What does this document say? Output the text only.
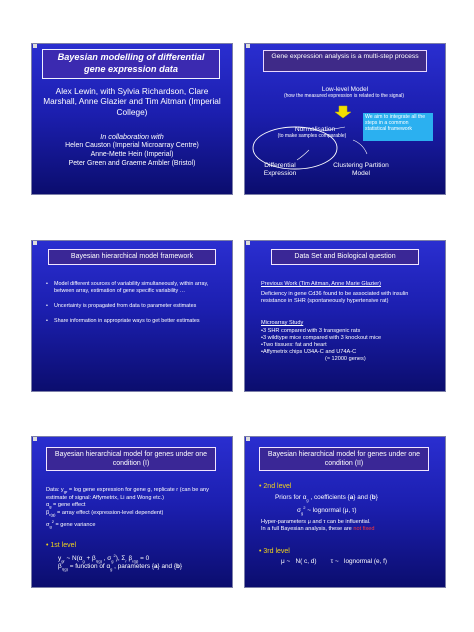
Bayesian modelling of differential gene expression data
Alex Lewin, with Sylvia Richardson, Clare Marshall, Anne Glazier and Tim Aitman (Imperial College)
In collaboration with
Helen Causton (Imperial Microarray Centre)
Anne-Mette Hein (Imperial)
Peter Green and Graeme Ambler (Bristol)
Gene expression analysis is a multi-step process
Low-level Model
(how the measured expression is related to the signal)
Normalisation
(to make samples comparable)
Differential Expression
Clustering Partition Model
We aim to integrate all the steps in a common statistical framework
Bayesian hierarchical model framework
• Model different sources of variability simultaneously, within array, between array, estimation of gene specific variability …
• Uncertainty is propagated from data to parameter estimates
• Share information in appropriate ways to get better estimates
Data Set and Biological question
Previous Work (Tim Aitman, Anne Marie Glazier)
Deficiency in gene Cd36 found to be associated with insulin resistance in SHR (spontaneously hypertensive rat)
Microarray Study
•3 SHR compared with 3 transgenic rats
•3 wildtype mice compared with 3 knockout mice
•Two tissues: fat and heart
•Affymetrix chips U34A-C and U74A-C
(≈ 12000 genes)
Bayesian hierarchical model for genes under one condition (I)
Data: $y_{gr} = \log$ gene expression for gene g, replicate r (can be any estimate of signal: Affymetrix, Li and Wong etc.)
$\alpha_g$ = gene effect
$\beta_{r(g)}$ = array effect (expression-level dependent)
$\sigma_g^2$ = gene variance
• 1st level
$y_{gr}$ ~ $N(\alpha_g + \beta_{r(g)}$ , $\sigma_g^2$), $\Sigma_r$ $\beta_{r(g)} = 0$
$\beta_{r(g)}$ = function of $\alpha_g$ , parameters {a} and {b}
Bayesian hierarchical model for genes under one condition (II)
• 2nd level
Priors for $\alpha_g$ , coefficients {a} and {b}
$\sigma_g^2$ ~ lognormal (μ, τ)
Hyper-parameters μ and τ can be influential.
In a full Bayesian analysis, these are not fixed
• 3rd level
μ ~   N( c, d)        τ ~   lognormal (e, f)
